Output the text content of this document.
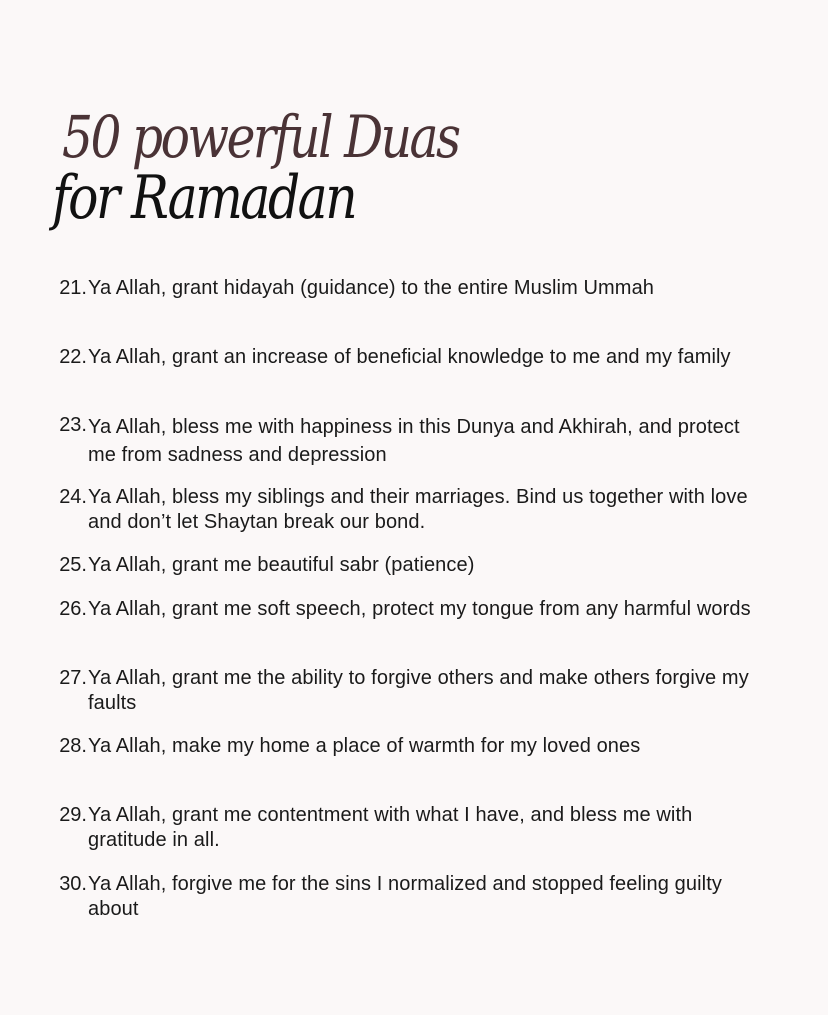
50 powerful Duas
for Ramadan
21. Ya Allah, grant hidayah (guidance) to the entire Muslim Ummah
22. Ya Allah, grant an increase of beneficial knowledge to me and my family
23. Ya Allah, bless me with happiness in this Dunya and Akhirah, and protect me from sadness and depression
24. Ya Allah, bless my siblings and their marriages. Bind us together with love and don’t let Shaytan break our bond.
25. Ya Allah, grant me beautiful sabr (patience)
26. Ya Allah, grant me soft speech, protect my tongue from any harmful words
27. Ya Allah, grant me the ability to forgive others and make others forgive my faults
28. Ya Allah, make my home a place of warmth for my loved ones
29. Ya Allah, grant me contentment with what I have, and bless me with gratitude in all.
30. Ya Allah, forgive me for the sins I normalized and stopped feeling guilty about
